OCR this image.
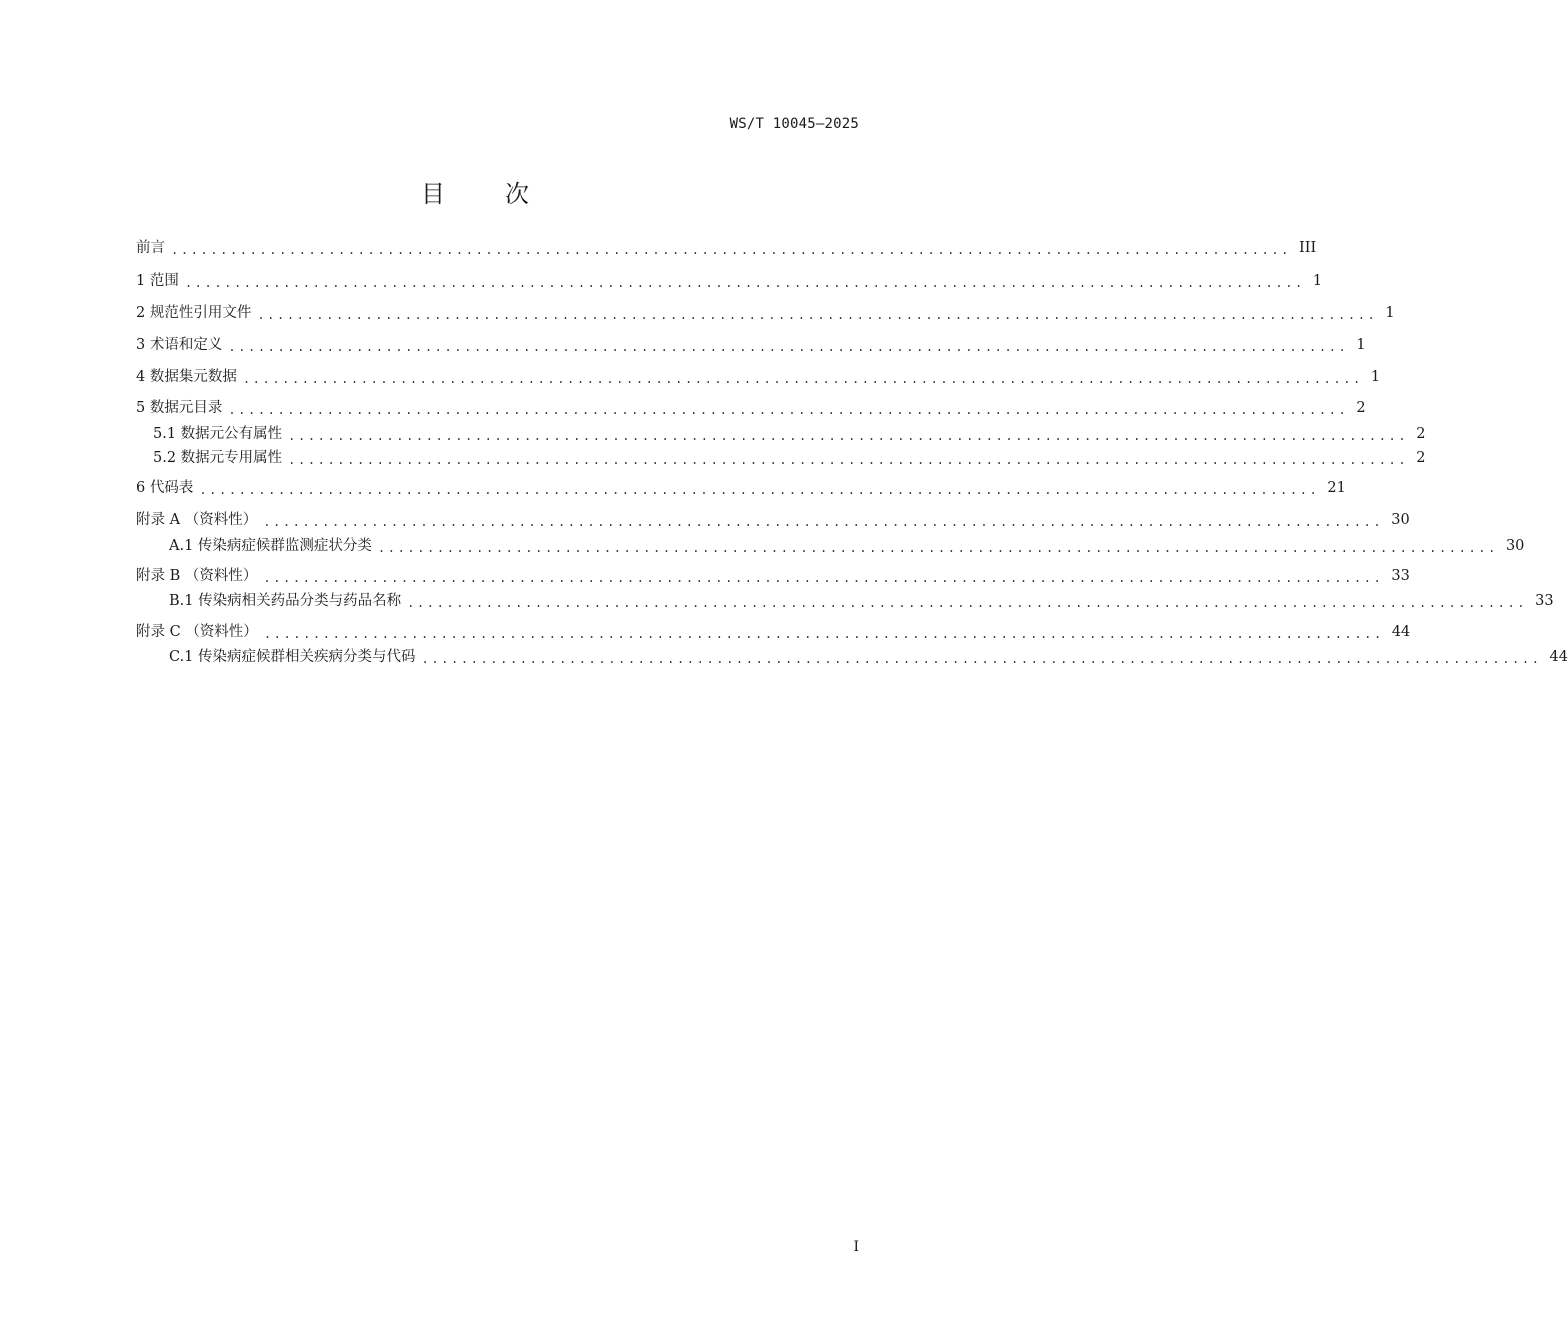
WS/T 10045—2025
目　次
前言 .................................................................................................................. III
1 范围 .................................................................................................................. 1
2 规范性引用文件 .................................................................................................................. 1
3 术语和定义 .................................................................................................................. 1
4 数据集元数据 .................................................................................................................. 1
5 数据元目录 .................................................................................................................. 2
5.1 数据元公有属性 .................................................................................................................. 2
5.2 数据元专用属性 .................................................................................................................. 2
6 代码表 .................................................................................................................. 21
附录 A （资料性） .................................................................................................................. 30
A.1 传染病症候群监测症状分类 .................................................................................................................. 30
附录 B （资料性） .................................................................................................................. 33
B.1 传染病相关药品分类与药品名称 .................................................................................................................. 33
附录 C （资料性） .................................................................................................................. 44
C.1 传染病症候群相关疾病分类与代码 .................................................................................................................. 44
I
